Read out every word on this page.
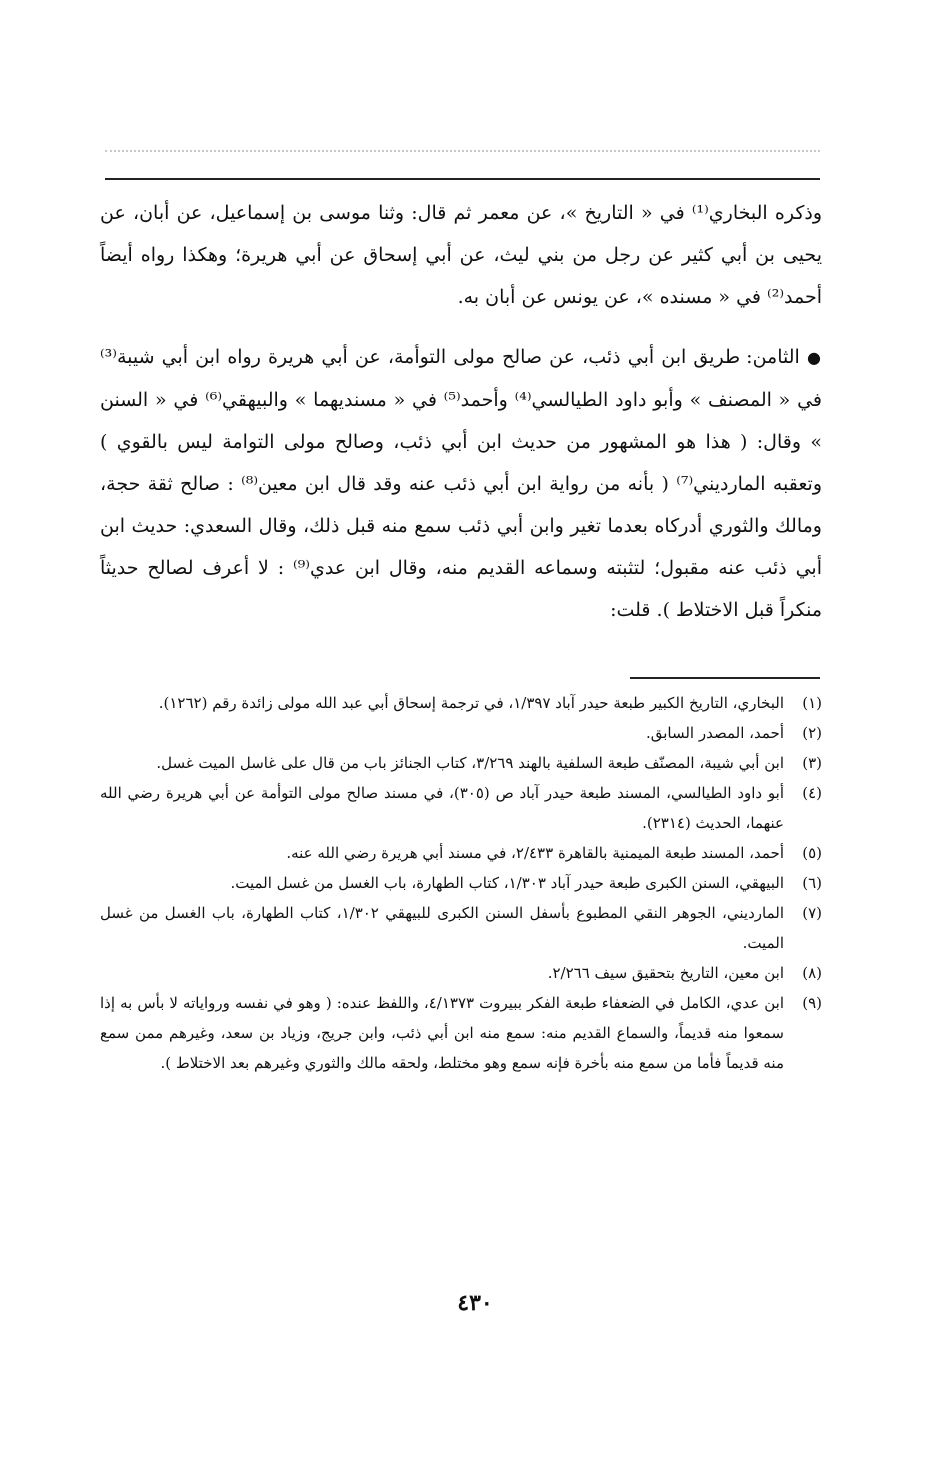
وذكره البخاري⁽¹⁾ في « التاريخ »، عن معمر ثم قال: وثنا موسى بن إسماعيل، عن أبان، عن يحيى بن أبي كثير عن رجل من بني ليث، عن أبي إسحاق عن أبي هريرة؛ وهكذا رواه أيضاً أحمد⁽²⁾ في « مسنده »، عن يونس عن أبان به.

● الثامن: طريق ابن أبي ذئب، عن صالح مولى التوأمة، عن أبي هريرة رواه ابن أبي شيبة⁽³⁾ في « المصنف » وأبو داود الطيالسي⁽⁴⁾ وأحمد⁽⁵⁾ في « مسنديهما » والبيهقي⁽⁶⁾ في « السنن » وقال: ( هذا هو المشهور من حديث ابن أبي ذئب، وصالح مولى التوامة ليس بالقوي ) وتعقبه المارديني⁽⁷⁾ ( بأنه من رواية ابن أبي ذئب عنه وقد قال ابن معين⁽⁸⁾ : صالح ثقة حجة، ومالك والثوري أدركاه بعدما تغير وابن أبي ذئب سمع منه قبل ذلك، وقال السعدي: حديث ابن أبي ذئب عنه مقبول؛ لتثبته وسماعه القديم منه، وقال ابن عدي⁽⁹⁾ : لا أعرف لصالح حديثاً منكراً قبل الاختلاط ). قلت:

(١)
البخاري، التاريخ الكبير طبعة حيدر آباد ١/٣٩٧، في ترجمة إسحاق أبي عبد الله مولى زائدة رقم (١٢٦٢).
(٢)
أحمد، المصدر السابق.
(٣)
ابن أبي شيبة، المصنّف طبعة السلفية بالهند ٣/٢٦٩، كتاب الجنائز باب من قال على غاسل الميت غسل.
(٤)
أبو داود الطيالسي، المسند طبعة حيدر آباد ص (٣٠٥)، في مسند صالح مولى التوأمة عن أبي هريرة رضي الله عنهما، الحديث (٢٣١٤).
(٥)
أحمد، المسند طبعة الميمنية بالقاهرة ٢/٤٣٣، في مسند أبي هريرة رضي الله عنه.
(٦)
البيهقي، السنن الكبرى طبعة حيدر آباد ١/٣٠٣، كتاب الطهارة، باب الغسل من غسل الميت.
(٧)
المارديني، الجوهر النقي المطبوع بأسفل السنن الكبرى للبيهقي ١/٣٠٢، كتاب الطهارة، باب الغسل من غسل الميت.
(٨)
ابن معين، التاريخ بتحقيق سيف ٢/٢٦٦.
(٩)
ابن عدي، الكامل في الضعفاء طبعة الفكر ببيروت ٤/١٣٧٣، واللفظ عنده: ( وهو في نفسه ورواياته لا بأس به إذا سمعوا منه قديماً، والسماع القديم منه: سمع منه ابن أبي ذئب، وابن جريج، وزياد بن سعد، وغيرهم ممن سمع منه قديماً فأما من سمع منه بأخرة فإنه سمع وهو مختلط، ولحقه مالك والثوري وغيرهم بعد الاختلاط ).
٤٣٠
